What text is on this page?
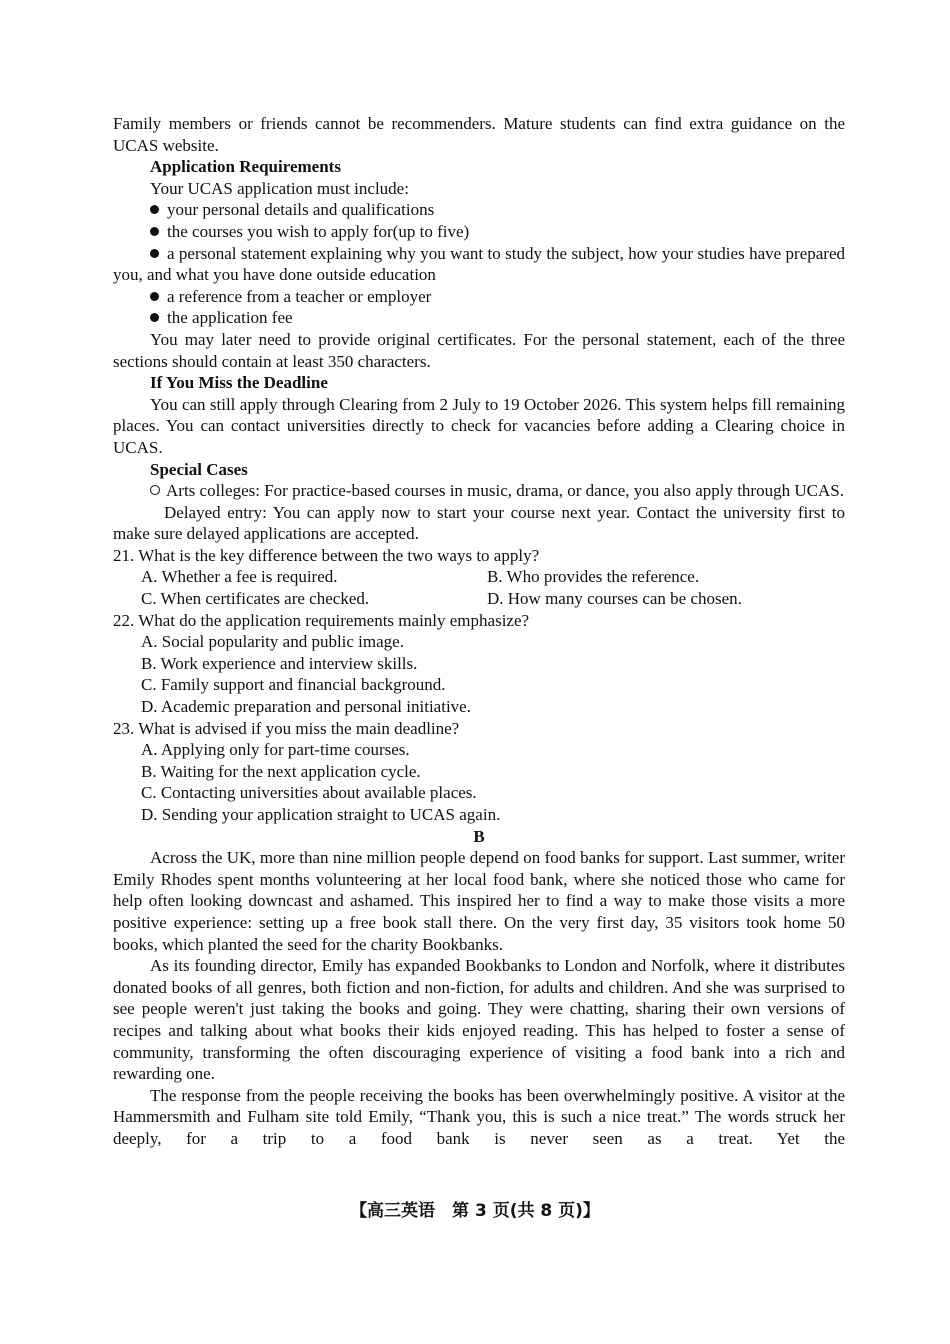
Family members or friends cannot be recommenders. Mature students can find extra guidance on the UCAS website.

Application Requirements

Your UCAS application must include:

your personal details and qualifications

the courses you wish to apply for(up to five)

a personal statement explaining why you want to study the subject, how your studies have prepared you, and what you have done outside education

a reference from a teacher or employer

the application fee

You may later need to provide original certificates. For the personal statement, each of the three sections should contain at least 350 characters.

If You Miss the Deadline

You can still apply through Clearing from 2 July to 19 October 2026. This system helps fill remaining places. You can contact universities directly to check for vacancies before adding a Clearing choice in UCAS.

Special Cases

Arts colleges: For practice-based courses in music, drama, or dance, you also apply through UCAS.

Delayed entry: You can apply now to start your course next year. Contact the university first to make sure delayed applications are accepted.

21. What is the key difference between the two ways to apply?

A. Whether a fee is required.	B. Who provides the reference.
C. When certificates are checked.	D. How many courses can be chosen.

22. What do the application requirements mainly emphasize?

A. Social popularity and public image.

B. Work experience and interview skills.

C. Family support and financial background.

D. Academic preparation and personal initiative.

23. What is advised if you miss the main deadline?

A. Applying only for part-time courses.

B. Waiting for the next application cycle.

C. Contacting universities about available places.

D. Sending your application straight to UCAS again.

B

Across the UK, more than nine million people depend on food banks for support. Last summer, writer Emily Rhodes spent months volunteering at her local food bank, where she noticed those who came for help often looking downcast and ashamed. This inspired her to find a way to make those visits a more positive experience: setting up a free book stall there. On the very first day, 35 visitors took home 50 books, which planted the seed for the charity Bookbanks.

As its founding director, Emily has expanded Bookbanks to London and Norfolk, where it distributes donated books of all genres, both fiction and non-fiction, for adults and children. And she was surprised to see people weren't just taking the books and going. They were chatting, sharing their own versions of recipes and talking about what books their kids enjoyed reading. This has helped to foster a sense of community, transforming the often discouraging experience of visiting a food bank into a rich and rewarding one.

The response from the people receiving the books has been overwhelmingly positive. A visitor at the Hammersmith and Fulham site told Emily, “Thank you, this is such a nice treat.” The words struck her deeply, for a trip to a food bank is never seen as a treat. Yet the

【高三英语　第 3 页(共 8 页)】
